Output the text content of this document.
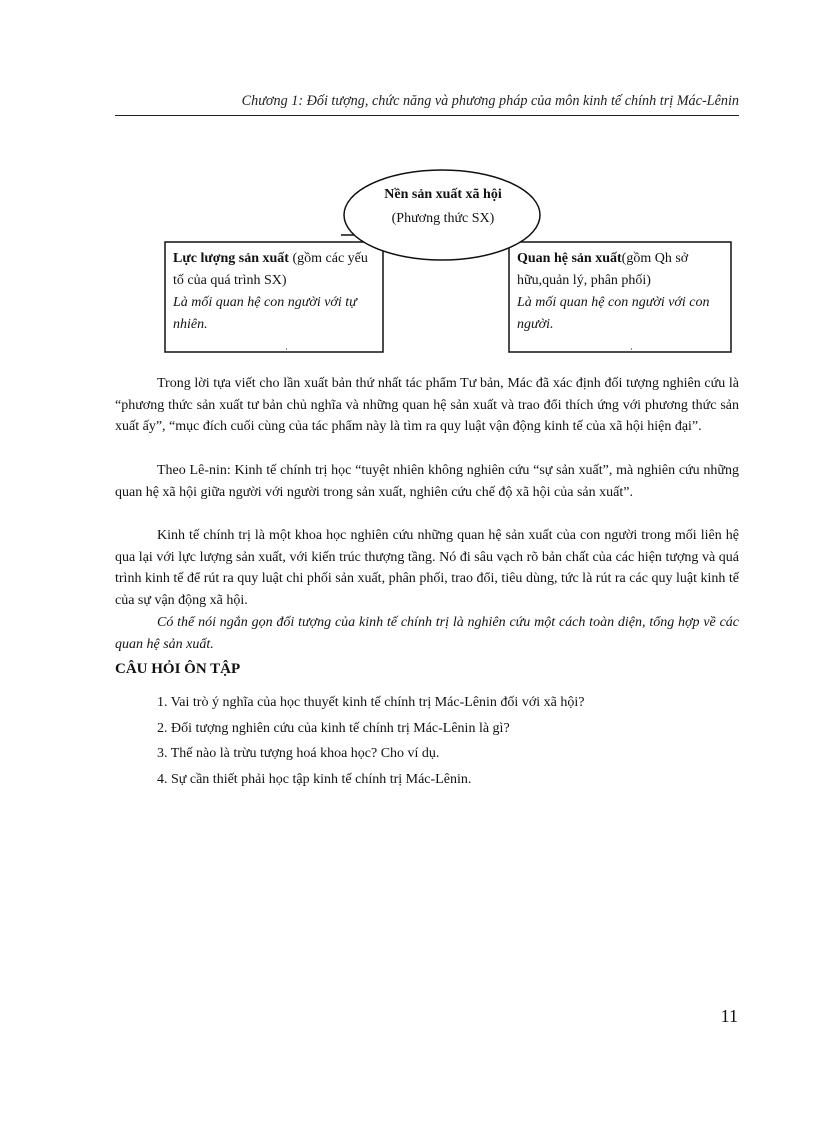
Chương 1: Đối tượng, chức năng và phương pháp của môn kinh tế chính trị Mác-Lênin
Nền sản xuất xã hội
(Phương thức SX)
Lực lượng sản xuất (gồm các yếu tố của quá trình SX)
Là mối quan hệ con người với tự nhiên.
Quan hệ sản xuất(gồm Qh sở hữu,quản lý, phân phối)
Là mối quan hệ con người với con người.

Trong lời tựa viết cho lần xuất bản thứ nhất tác phẩm Tư bản, Mác đã xác định đối tượng nghiên cứu là “phương thức sản xuất tư bản chủ nghĩa và những quan hệ sản xuất và trao đổi thích ứng với phương thức sản xuất ấy”, “mục đích cuối cùng của tác phẩm này là tìm ra quy luật vận động kinh tế của xã hội hiện đại”.

Theo Lê-nin: Kinh tế chính trị học “tuyệt nhiên không nghiên cứu “sự sản xuất”, mà nghiên cứu những quan hệ xã hội giữa người với người trong sản xuất, nghiên cứu chế độ xã hội của sản xuất”.

Kinh tế chính trị là một khoa học nghiên cứu những quan hệ sản xuất của con người trong mối liên hệ qua lại với lực lượng sản xuất, với kiến trúc thượng tầng. Nó đi sâu vạch rõ bản chất của các hiện tượng và quá trình kinh tế để rút ra quy luật chi phối sản xuất, phân phối, trao đổi, tiêu dùng, tức là rút ra các quy luật kinh tế của sự vận động xã hội.

Có thể nói ngắn gọn đối tượng của kinh tế chính trị là nghiên cứu một cách toàn diện, tổng hợp về các quan hệ sản xuất.

CÂU HỎI ÔN TẬP
1. Vai trò ý nghĩa của học thuyết kinh tế chính trị Mác-Lênin đối với xã hội?
2. Đối tượng nghiên cứu của kinh tế chính trị Mác-Lênin là gì?
3. Thế nào là trừu tượng hoá khoa học? Cho ví dụ.
4. Sự cần thiết phải học tập kinh tế chính trị Mác-Lênin.
11
